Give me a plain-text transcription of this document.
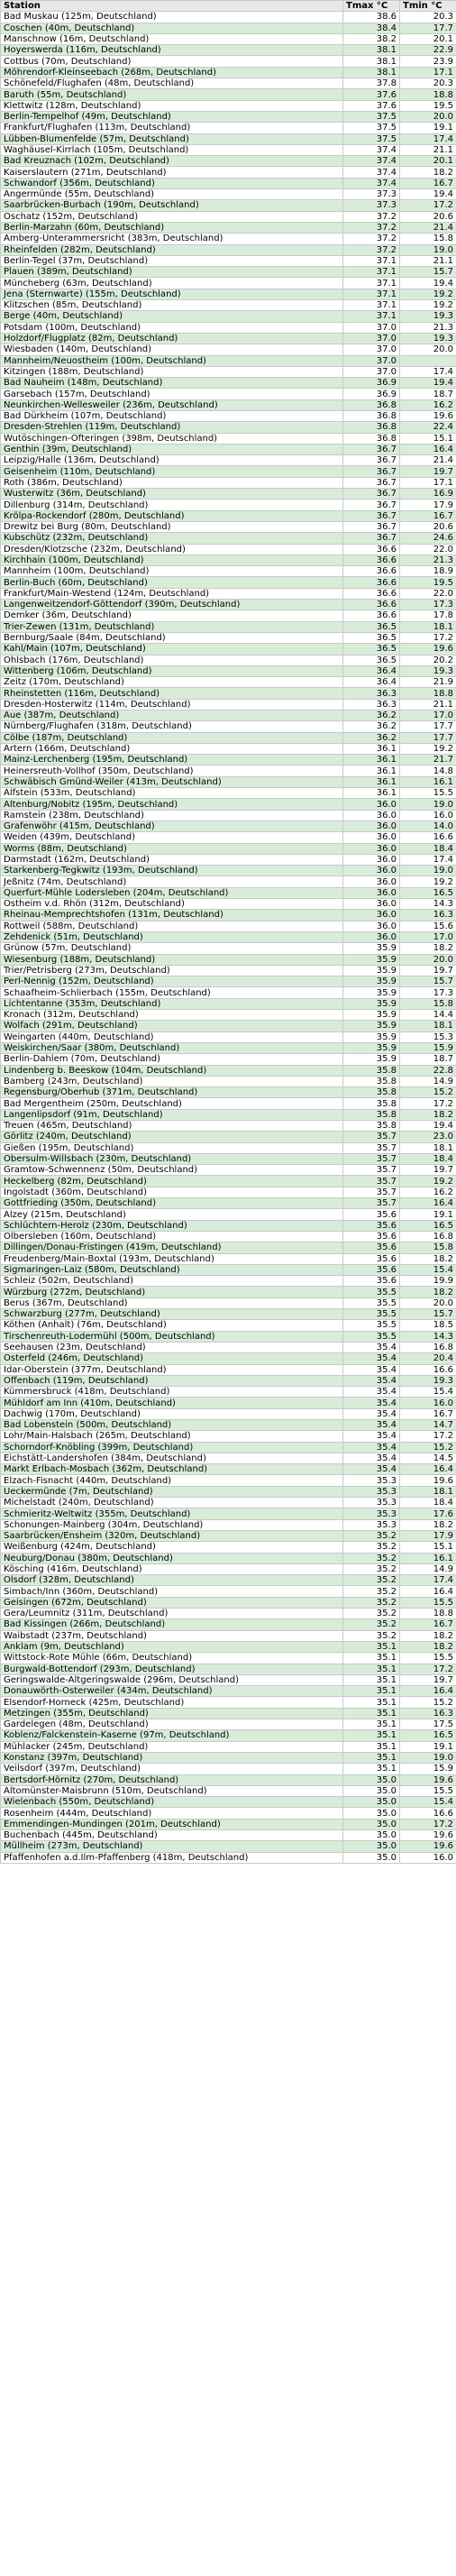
Station	Tmax °C	Tmin °C
Bad Muskau (125m, Deutschland)	38.6	20.3
Coschen (40m, Deutschland)	38.4	17.7
Manschnow (16m, Deutschland)	38.2	20.1
Hoyerswerda (116m, Deutschland)	38.1	22.9
Cottbus (70m, Deutschland)	38.1	23.9
Möhrendorf-Kleinseebach (268m, Deutschland)	38.1	17.1
Schönefeld/Flughafen (48m, Deutschland)	37.8	20.3
Baruth (55m, Deutschland)	37.6	18.8
Klettwitz (128m, Deutschland)	37.6	19.5
Berlin-Tempelhof (49m, Deutschland)	37.5	20.0
Frankfurt/Flughafen (113m, Deutschland)	37.5	19.1
Lübben-Blumenfelde (57m, Deutschland)	37.5	17.4
Waghäusel-Kirrlach (105m, Deutschland)	37.4	21.1
Bad Kreuznach (102m, Deutschland)	37.4	20.1
Kaiserslautern (271m, Deutschland)	37.4	18.2
Schwandorf (356m, Deutschland)	37.4	16.7
Angermünde (55m, Deutschland)	37.3	19.4
Saarbrücken-Burbach (190m, Deutschland)	37.3	17.2
Oschatz (152m, Deutschland)	37.2	20.6
Berlin-Marzahn (60m, Deutschland)	37.2	21.4
Amberg-Unterammersricht (383m, Deutschland)	37.2	15.8
Rheinfelden (282m, Deutschland)	37.2	19.0
Berlin-Tegel (37m, Deutschland)	37.1	21.1
Plauen (389m, Deutschland)	37.1	15.7
Müncheberg (63m, Deutschland)	37.1	19.4
Jena (Sternwarte) (155m, Deutschland)	37.1	19.2
Klitzschen (85m, Deutschland)	37.1	19.2
Berge (40m, Deutschland)	37.1	19.3
Potsdam (100m, Deutschland)	37.0	21.3
Holzdorf/Flugplatz (82m, Deutschland)	37.0	19.3
Wiesbaden (140m, Deutschland)	37.0	20.0
Mannheim/Neuostheim (100m, Deutschland)	37.0	
Kitzingen (188m, Deutschland)	37.0	17.4
Bad Nauheim (148m, Deutschland)	36.9	19.4
Garsebach (157m, Deutschland)	36.9	18.7
Neunkirchen-Wellesweiler (236m, Deutschland)	36.8	16.2
Bad Dürkheim (107m, Deutschland)	36.8	19.6
Dresden-Strehlen (119m, Deutschland)	36.8	22.4
Wutöschingen-Ofteringen (398m, Deutschland)	36.8	15.1
Genthin (39m, Deutschland)	36.7	16.4
Leipzig/Halle (136m, Deutschland)	36.7	21.4
Geisenheim (110m, Deutschland)	36.7	19.7
Roth (386m, Deutschland)	36.7	17.1
Wusterwitz (36m, Deutschland)	36.7	16.9
Dillenburg (314m, Deutschland)	36.7	17.9
Krölpa-Rockendorf (280m, Deutschland)	36.7	16.7
Drewitz bei Burg (80m, Deutschland)	36.7	20.6
Kubschütz (232m, Deutschland)	36.7	24.6
Dresden/Klotzsche (232m, Deutschland)	36.6	22.0
Kirchhain (100m, Deutschland)	36.6	21.3
Mannheim (100m, Deutschland)	36.6	18.9
Berlin-Buch (60m, Deutschland)	36.6	19.5
Frankfurt/Main-Westend (124m, Deutschland)	36.6	22.0
Langenweitzendorf-Göttendorf (390m, Deutschland)	36.6	17.3
Demker (36m, Deutschland)	36.6	17.8
Trier-Zewen (131m, Deutschland)	36.5	18.1
Bernburg/Saale (84m, Deutschland)	36.5	17.2
Kahl/Main (107m, Deutschland)	36.5	19.6
Ohlsbach (176m, Deutschland)	36.5	20.2
Wittenberg (106m, Deutschland)	36.4	19.3
Zeitz (170m, Deutschland)	36.4	21.9
Rheinstetten (116m, Deutschland)	36.3	18.8
Dresden-Hosterwitz (114m, Deutschland)	36.3	21.1
Aue (387m, Deutschland)	36.2	17.0
Nürnberg/Flughafen (318m, Deutschland)	36.2	17.7
Cölbe (187m, Deutschland)	36.2	17.7
Artern (166m, Deutschland)	36.1	19.2
Mainz-Lerchenberg (195m, Deutschland)	36.1	21.7
Heinersreuth-Vollhof (350m, Deutschland)	36.1	14.8
Schwäbisch Gmünd-Weiler (413m, Deutschland)	36.1	16.1
Alfstein (533m, Deutschland)	36.1	15.5
Altenburg/Nobitz (195m, Deutschland)	36.0	19.0
Ramstein (238m, Deutschland)	36.0	16.0
Grafenwöhr (415m, Deutschland)	36.0	14.0
Weiden (439m, Deutschland)	36.0	16.6
Worms (88m, Deutschland)	36.0	18.4
Darmstadt (162m, Deutschland)	36.0	17.4
Starkenberg-Tegkwitz (193m, Deutschland)	36.0	19.0
Jeßnitz (74m, Deutschland)	36.0	19.2
Querfurt-Mühle Lodersleben (204m, Deutschland)	36.0	16.5
Ostheim v.d. Rhön (312m, Deutschland)	36.0	14.3
Rheinau-Memprechtshofen (131m, Deutschland)	36.0	16.3
Rottweil (588m, Deutschland)	36.0	15.6
Zehdenick (51m, Deutschland)	36.0	17.0
Grünow (57m, Deutschland)	35.9	18.2
Wiesenburg (188m, Deutschland)	35.9	20.0
Trier/Petrisberg (273m, Deutschland)	35.9	19.7
Perl-Nennig (152m, Deutschland)	35.9	15.7
Schaafheim-Schlierbach (155m, Deutschland)	35.9	17.3
Lichtentanne (353m, Deutschland)	35.9	15.8
Kronach (312m, Deutschland)	35.9	14.4
Wolfach (291m, Deutschland)	35.9	18.1
Weingarten (440m, Deutschland)	35.9	15.3
Weiskirchen/Saar (380m, Deutschland)	35.9	15.9
Berlin-Dahlem (70m, Deutschland)	35.9	18.7
Lindenberg b. Beeskow (104m, Deutschland)	35.8	22.8
Bamberg (243m, Deutschland)	35.8	14.9
Regensburg/Oberhub (371m, Deutschland)	35.8	15.2
Bad Mergentheim (250m, Deutschland)	35.8	17.2
Langenlipsdorf (91m, Deutschland)	35.8	18.2
Treuen (465m, Deutschland)	35.8	19.4
Görlitz (240m, Deutschland)	35.7	23.0
Gießen (195m, Deutschland)	35.7	18.1
Obersulm-Willsbach (230m, Deutschland)	35.7	18.4
Gramtow-Schwennenz (50m, Deutschland)	35.7	19.7
Heckelberg (82m, Deutschland)	35.7	19.2
Ingolstadt (360m, Deutschland)	35.7	16.2
Gottfrieding (350m, Deutschland)	35.7	16.4
Alzey (215m, Deutschland)	35.6	19.1
Schlüchtern-Herolz (230m, Deutschland)	35.6	16.5
Olbersleben (160m, Deutschland)	35.6	16.8
Dillingen/Donau-Fristingen (419m, Deutschland)	35.6	15.8
Freudenberg/Main-Boxtal (193m, Deutschland)	35.6	18.2
Sigmaringen-Laiz (580m, Deutschland)	35.6	15.4
Schleiz (502m, Deutschland)	35.6	19.9
Würzburg (272m, Deutschland)	35.5	18.2
Berus (367m, Deutschland)	35.5	20.0
Schwarzburg (277m, Deutschland)	35.5	15.7
Köthen (Anhalt) (76m, Deutschland)	35.5	18.5
Tirschenreuth-Lodermühl (500m, Deutschland)	35.5	14.3
Seehausen (23m, Deutschland)	35.4	16.8
Osterfeld (246m, Deutschland)	35.4	20.4
Idar-Oberstein (377m, Deutschland)	35.4	16.6
Offenbach (119m, Deutschland)	35.4	19.3
Kümmersbruck (418m, Deutschland)	35.4	15.4
Mühldorf am Inn (410m, Deutschland)	35.4	16.0
Dachwig (170m, Deutschland)	35.4	16.7
Bad Lobenstein (500m, Deutschland)	35.4	14.7
Lohr/Main-Halsbach (265m, Deutschland)	35.4	17.2
Schorndorf-Knöbling (399m, Deutschland)	35.4	15.2
Eichstätt-Landershofen (384m, Deutschland)	35.4	14.5
Markt Erlbach-Mosbach (362m, Deutschland)	35.4	16.4
Elzach-Fisnacht (440m, Deutschland)	35.3	19.6
Ueckermünde (7m, Deutschland)	35.3	18.1
Michelstadt (240m, Deutschland)	35.3	18.4
Schmieritz-Weltwitz (355m, Deutschland)	35.3	17.6
Schonungen-Mainberg (304m, Deutschland)	35.3	18.2
Saarbrücken/Ensheim (320m, Deutschland)	35.2	17.9
Weißenburg (424m, Deutschland)	35.2	15.1
Neuburg/Donau (380m, Deutschland)	35.2	16.1
Kösching (416m, Deutschland)	35.2	14.9
Olsdorf (328m, Deutschland)	35.2	17.4
Simbach/Inn (360m, Deutschland)	35.2	16.4
Geisingen (672m, Deutschland)	35.2	15.5
Gera/Leumnitz (311m, Deutschland)	35.2	18.8
Bad Kissingen (266m, Deutschland)	35.2	16.7
Waibstadt (237m, Deutschland)	35.2	18.2
Anklam (9m, Deutschland)	35.1	18.2
Wittstock-Rote Mühle (66m, Deutschland)	35.1	15.5
Burgwald-Bottendorf (293m, Deutschland)	35.1	17.2
Geringswalde-Altgeringswalde (296m, Deutschland)	35.1	19.7
Donauwörth-Osterweiler (434m, Deutschland)	35.1	16.4
Elsendorf-Horneck (425m, Deutschland)	35.1	15.2
Metzingen (355m, Deutschland)	35.1	16.3
Gardelegen (48m, Deutschland)	35.1	17.5
Koblenz/Falckenstein-Kaserne (97m, Deutschland)	35.1	16.5
Mühlacker (245m, Deutschland)	35.1	19.1
Konstanz (397m, Deutschland)	35.1	19.0
Veilsdorf (397m, Deutschland)	35.1	15.9
Bertsdorf-Hörnitz (270m, Deutschland)	35.0	19.6
Altomünster-Maisbrunn (510m, Deutschland)	35.0	15.5
Wielenbach (550m, Deutschland)	35.0	15.4
Rosenheim (444m, Deutschland)	35.0	16.6
Emmendingen-Mundingen (201m, Deutschland)	35.0	17.2
Buchenbach (445m, Deutschland)	35.0	19.6
Müllheim (273m, Deutschland)	35.0	19.6
Pfaffenhofen a.d.Ilm-Pfaffenberg (418m, Deutschland)	35.0	16.0
